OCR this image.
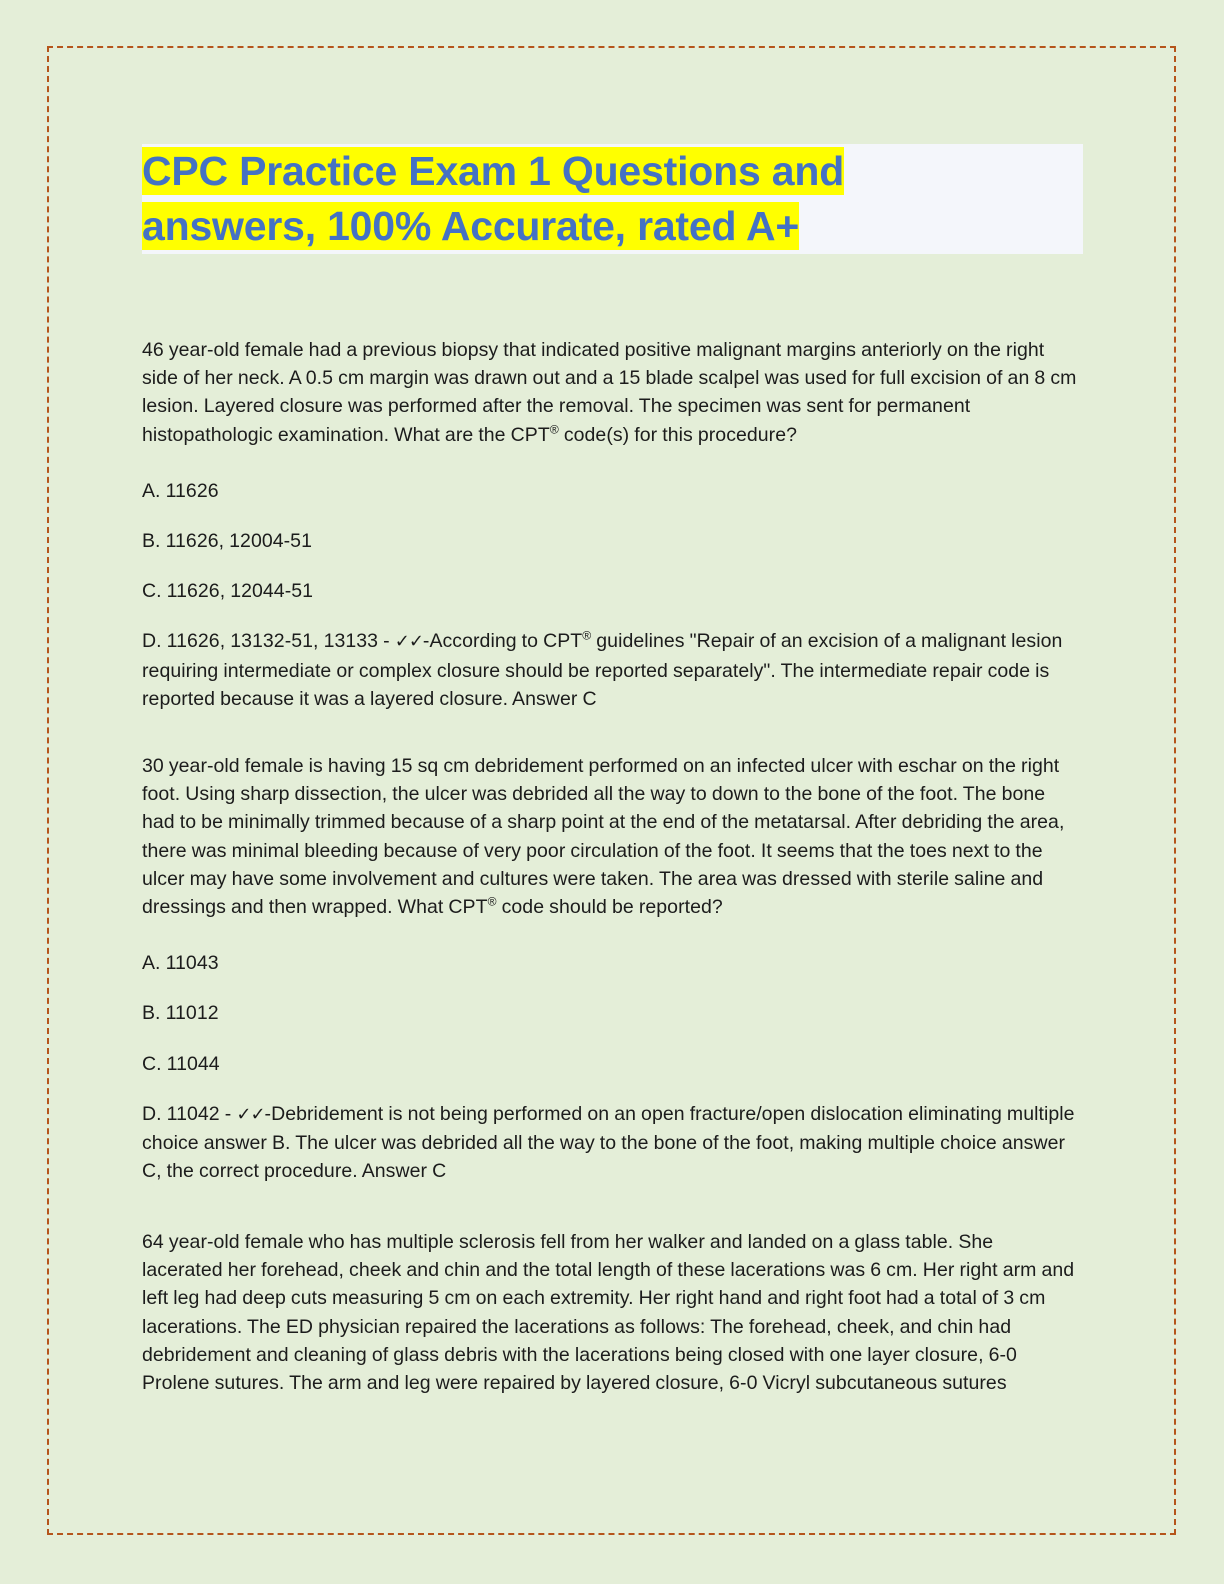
CPC Practice Exam 1 Questions and
answers, 100% Accurate, rated A+

46 year-old female had a previous biopsy that indicated positive malignant margins anteriorly on the right side of her neck. A 0.5 cm margin was drawn out and a 15 blade scalpel was used for full excision of an 8 cm lesion. Layered closure was performed after the removal. The specimen was sent for permanent histopathologic examination. What are the CPT® code(s) for this procedure?

A. 11626

B. 11626, 12004-51

C. 11626, 12044-51

D. 11626, 13132-51, 13133 - ✓✓-According to CPT® guidelines "Repair of an excision of a malignant lesion requiring intermediate or complex closure should be reported separately". The intermediate repair code is reported because it was a layered closure. Answer C

30 year-old female is having 15 sq cm debridement performed on an infected ulcer with eschar on the right foot. Using sharp dissection, the ulcer was debrided all the way to down to the bone of the foot. The bone had to be minimally trimmed because of a sharp point at the end of the metatarsal. After debriding the area, there was minimal bleeding because of very poor circulation of the foot. It seems that the toes next to the ulcer may have some involvement and cultures were taken. The area was dressed with sterile saline and dressings and then wrapped. What CPT® code should be reported?

A. 11043

B. 11012

C. 11044

D. 11042 - ✓✓-Debridement is not being performed on an open fracture/open dislocation eliminating multiple choice answer B. The ulcer was debrided all the way to the bone of the foot, making multiple choice answer C, the correct procedure. Answer C

64 year-old female who has multiple sclerosis fell from her walker and landed on a glass table. She lacerated her forehead, cheek and chin and the total length of these lacerations was 6 cm. Her right arm and left leg had deep cuts measuring 5 cm on each extremity. Her right hand and right foot had a total of 3 cm lacerations. The ED physician repaired the lacerations as follows: The forehead, cheek, and chin had debridement and cleaning of glass debris with the lacerations being closed with one layer closure, 6-0 Prolene sutures. The arm and leg were repaired by layered closure, 6-0 Vicryl subcutaneous sutures
